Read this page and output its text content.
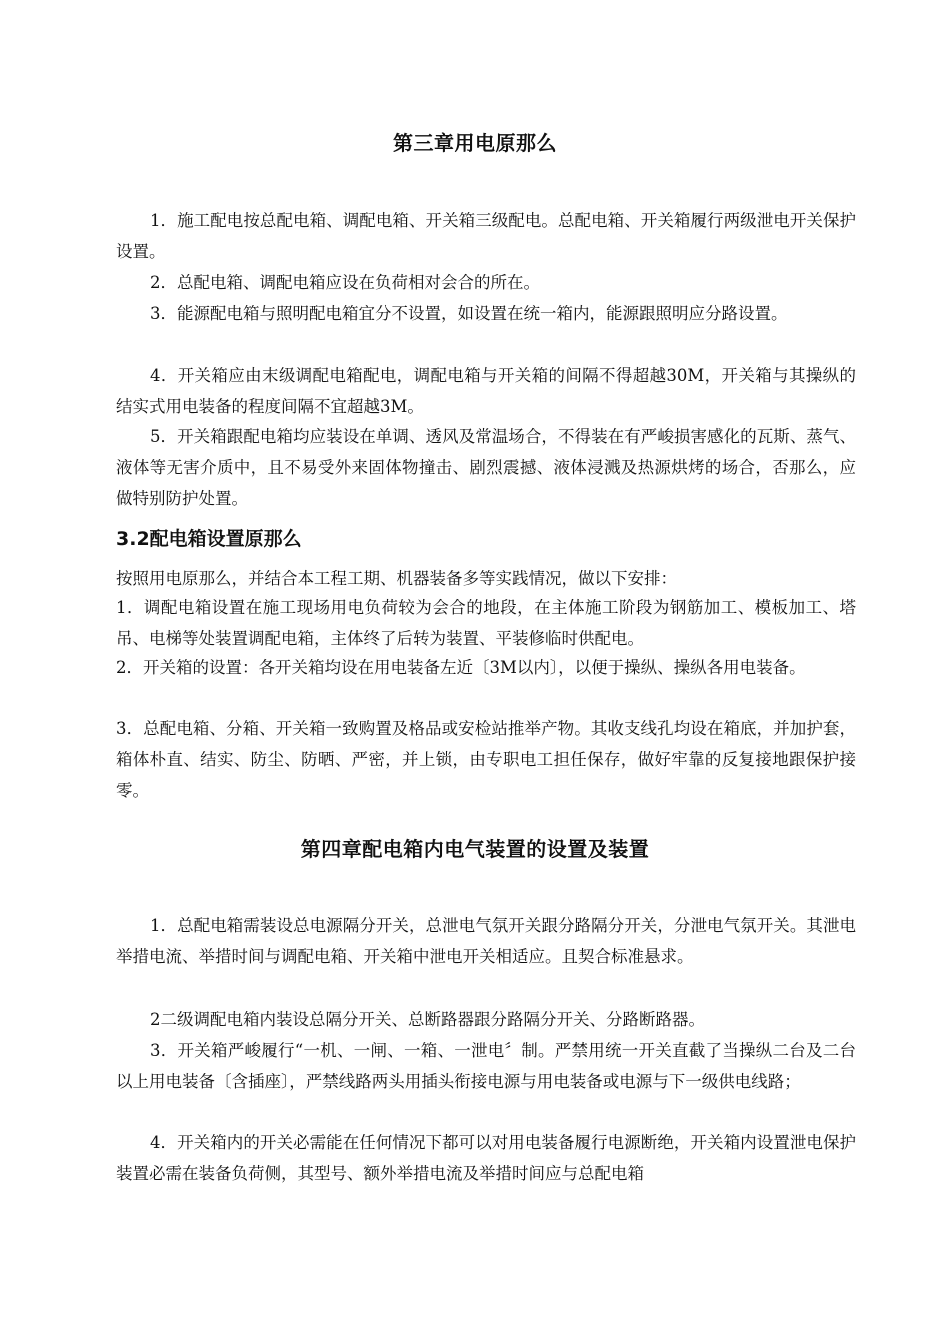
第三章用电原那么

1．施工配电按总配电箱、调配电箱、开关箱三级配电。总配电箱、开关箱履行两级泄电开关保护设置。

2．总配电箱、调配电箱应设在负荷相对会合的所在。

3．能源配电箱与照明配电箱宜分不设置，如设置在统一箱内，能源跟照明应分路设置。

4．开关箱应由末级调配电箱配电，调配电箱与开关箱的间隔不得超越30M，开关箱与其操纵的结实式用电装备的程度间隔不宜超越3M。

5．开关箱跟配电箱均应装设在单调、透风及常温场合，不得装在有严峻损害感化的瓦斯、蒸气、液体等无害介质中，且不易受外来固体物撞击、剧烈震撼、液体浸溅及热源烘烤的场合，否那么，应做特别防护处置。

3.2配电箱设置原那么

按照用电原那么，并结合本工程工期、机器装备多等实践情况，做以下安排：

1．调配电箱设置在施工现场用电负荷较为会合的地段，在主体施工阶段为钢筋加工、模板加工、塔吊、电梯等处装置调配电箱，主体终了后转为装置、平装修临时供配电。

2．开关箱的设置：各开关箱均设在用电装备左近〔3M以内〕，以便于操纵、操纵各用电装备。

3．总配电箱、分箱、开关箱一致购置及格品或安检站推举产物。其收支线孔均设在箱底，并加护套，箱体朴直、结实、防尘、防晒、严密，并上锁，由专职电工担任保存，做好牢靠的反复接地跟保护接零。

第四章配电箱内电气装置的设置及装置

1．总配电箱需装设总电源隔分开关，总泄电气氛开关跟分路隔分开关，分泄电气氛开关。其泄电举措电流、举措时间与调配电箱、开关箱中泄电开关相适应。且契合标准悬求。

2二级调配电箱内装设总隔分开关、总断路器跟分路隔分开关、分路断路器。

3．开关箱严峻履行“一机、一闸、一箱、一泄电〞制。严禁用统一开关直截了当操纵二台及二台以上用电装备〔含插座〕，严禁线路两头用插头衔接电源与用电装备或电源与下一级供电线路；

4．开关箱内的开关必需能在任何情况下都可以对用电装备履行电源断绝，开关箱内设置泄电保护装置必需在装备负荷侧，其型号、额外举措电流及举措时间应与总配电箱
